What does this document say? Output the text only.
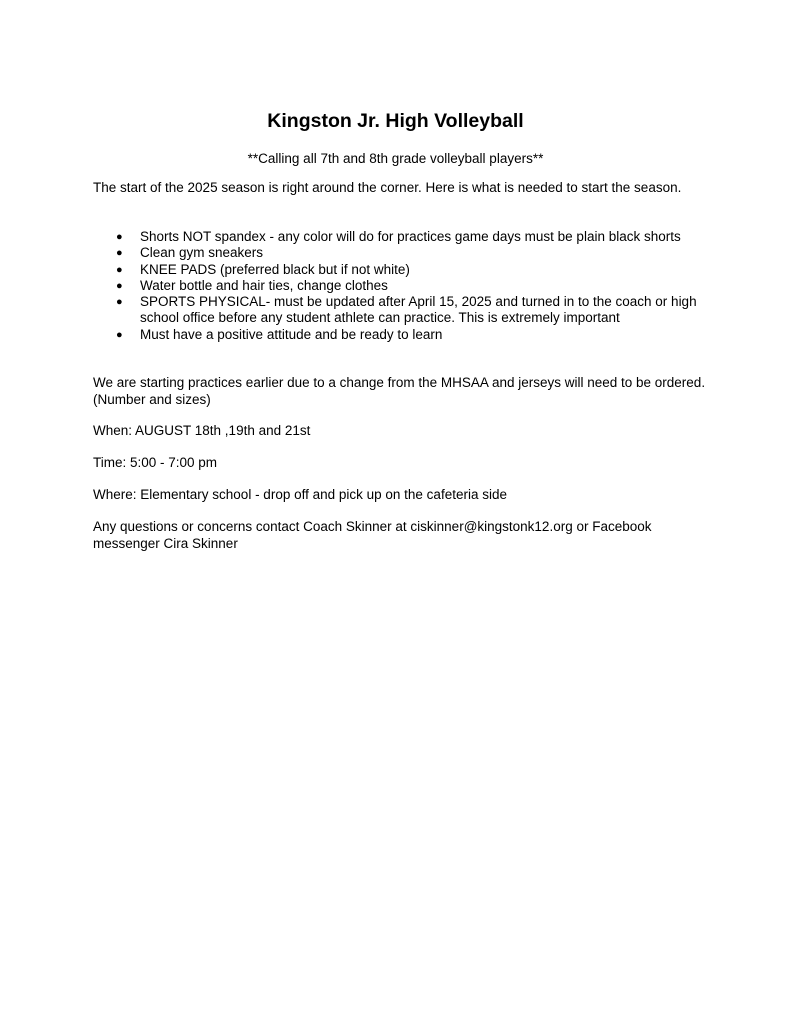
Kingston Jr. High Volleyball
**Calling all 7th and 8th grade volleyball players**

The start of the 2025 season is right around the corner. Here is what is needed to start the season.

● Shorts NOT spandex - any color will do for practices game days must be plain black shorts
● Clean gym sneakers
● KNEE PADS (preferred black but if not white)
● Water bottle and hair ties, change clothes
● SPORTS PHYSICAL- must be updated after April 15, 2025 and turned in to the coach or high school office before any student athlete can practice. This is extremely important
● Must have a positive attitude and be ready to learn

We are starting practices earlier due to a change from the MHSAA and jerseys will need to be ordered. (Number and sizes)

When: AUGUST 18th ,19th and 21st

Time: 5:00 - 7:00 pm

Where: Elementary school - drop off and pick up on the cafeteria side

Any questions or concerns contact Coach Skinner at ciskinner@kingstonk12.org or Facebook messenger Cira Skinner
